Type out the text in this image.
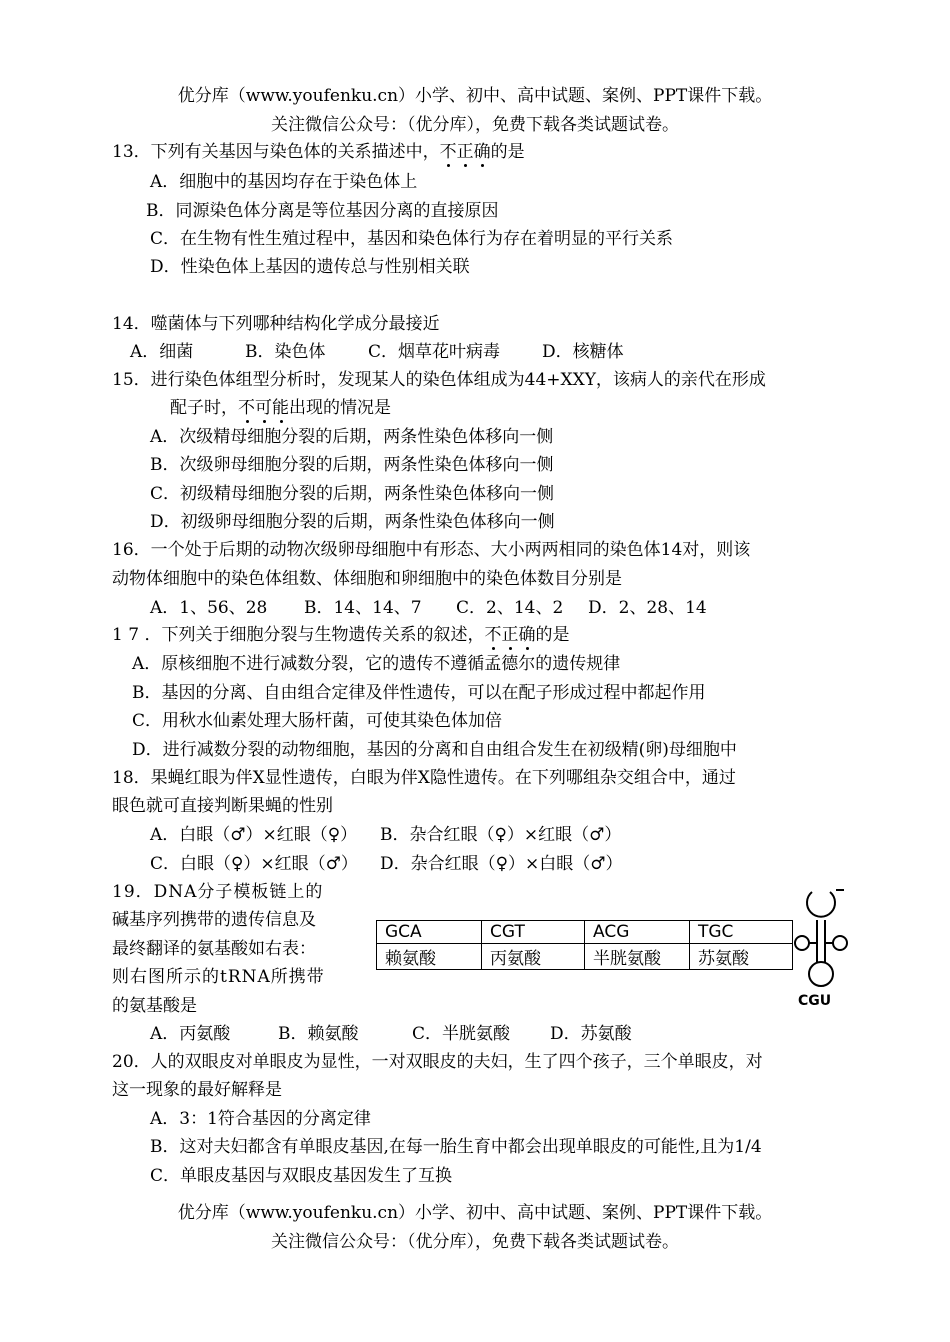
优分库（www.youfenku.cn）小学、初中、高中试题、案例、PPT课件下载。
关注微信公众号：（优分库），免费下载各类试题试卷。
13．下列有关基因与染色体的关系描述中，不正确的是
A．细胞中的基因均存在于染色体上
B．同源染色体分离是等位基因分离的直接原因
C．在生物有性生殖过程中，基因和染色体行为存在着明显的平行关系
D．性染色体上基因的遗传总与性别相关联
14．噬菌体与下列哪种结构化学成分最接近
A．细菌	B．染色体	C．烟草花叶病毒 D．核糖体
15．进行染色体组型分析时，发现某人的染色体组成为44+XXY，该病人的亲代在形成
配子时，不可能出现的情况是
A．次级精母细胞分裂的后期，两条性染色体移向一侧
B．次级卵母细胞分裂的后期，两条性染色体移向一侧
C．初级精母细胞分裂的后期，两条性染色体移向一侧
D．初级卵母细胞分裂的后期，两条性染色体移向一侧
16．一个处于后期的动物次级卵母细胞中有形态、大小两两相同的染色体14对，则该
动物体细胞中的染色体组数、体细胞和卵细胞中的染色体数目分别是
A．1、56、28 B．14、14、7 C．2、14、2 D．2、28、14
1 7 ．下列关于细胞分裂与生物遗传关系的叙述，不正确的是
A．原核细胞不进行减数分裂，它的遗传不遵循孟德尔的遗传规律
B．基因的分离、自由组合定律及伴性遗传，可以在配子形成过程中都起作用
C．用秋水仙素处理大肠杆菌，可使其染色体加倍
D．进行减数分裂的动物细胞，基因的分离和自由组合发生在初级精(卵)母细胞中
18．果蝇红眼为伴X显性遗传，白眼为伴X隐性遗传。在下列哪组杂交组合中，通过
眼色就可直接判断果蝇的性别
A．白眼（♂）×红眼（♀） B．杂合红眼（♀）×红眼（♂）
C．白眼（♀）×红眼（♂） D．杂合红眼（♀）×白眼（♂）
19．DNA分子模板链上的
碱基序列携带的遗传信息及
最终翻译的氨基酸如右表：
则右图所示的tRNA所携带
的氨基酸是
GCA	CGT	ACG	TGC
赖氨酸	丙氨酸	半胱氨酸	苏氨酸
CGU
A．丙氨酸	B．赖氨酸	C．半胱氨酸 D．苏氨酸
20．人的双眼皮对单眼皮为显性，一对双眼皮的夫妇，生了四个孩子，三个单眼皮，对
这一现象的最好解释是
A．3：1符合基因的分离定律
B．这对夫妇都含有单眼皮基因,在每一胎生育中都会出现单眼皮的可能性,且为1/4
C．单眼皮基因与双眼皮基因发生了互换
优分库（www.youfenku.cn）小学、初中、高中试题、案例、PPT课件下载。
关注微信公众号：（优分库），免费下载各类试题试卷。
